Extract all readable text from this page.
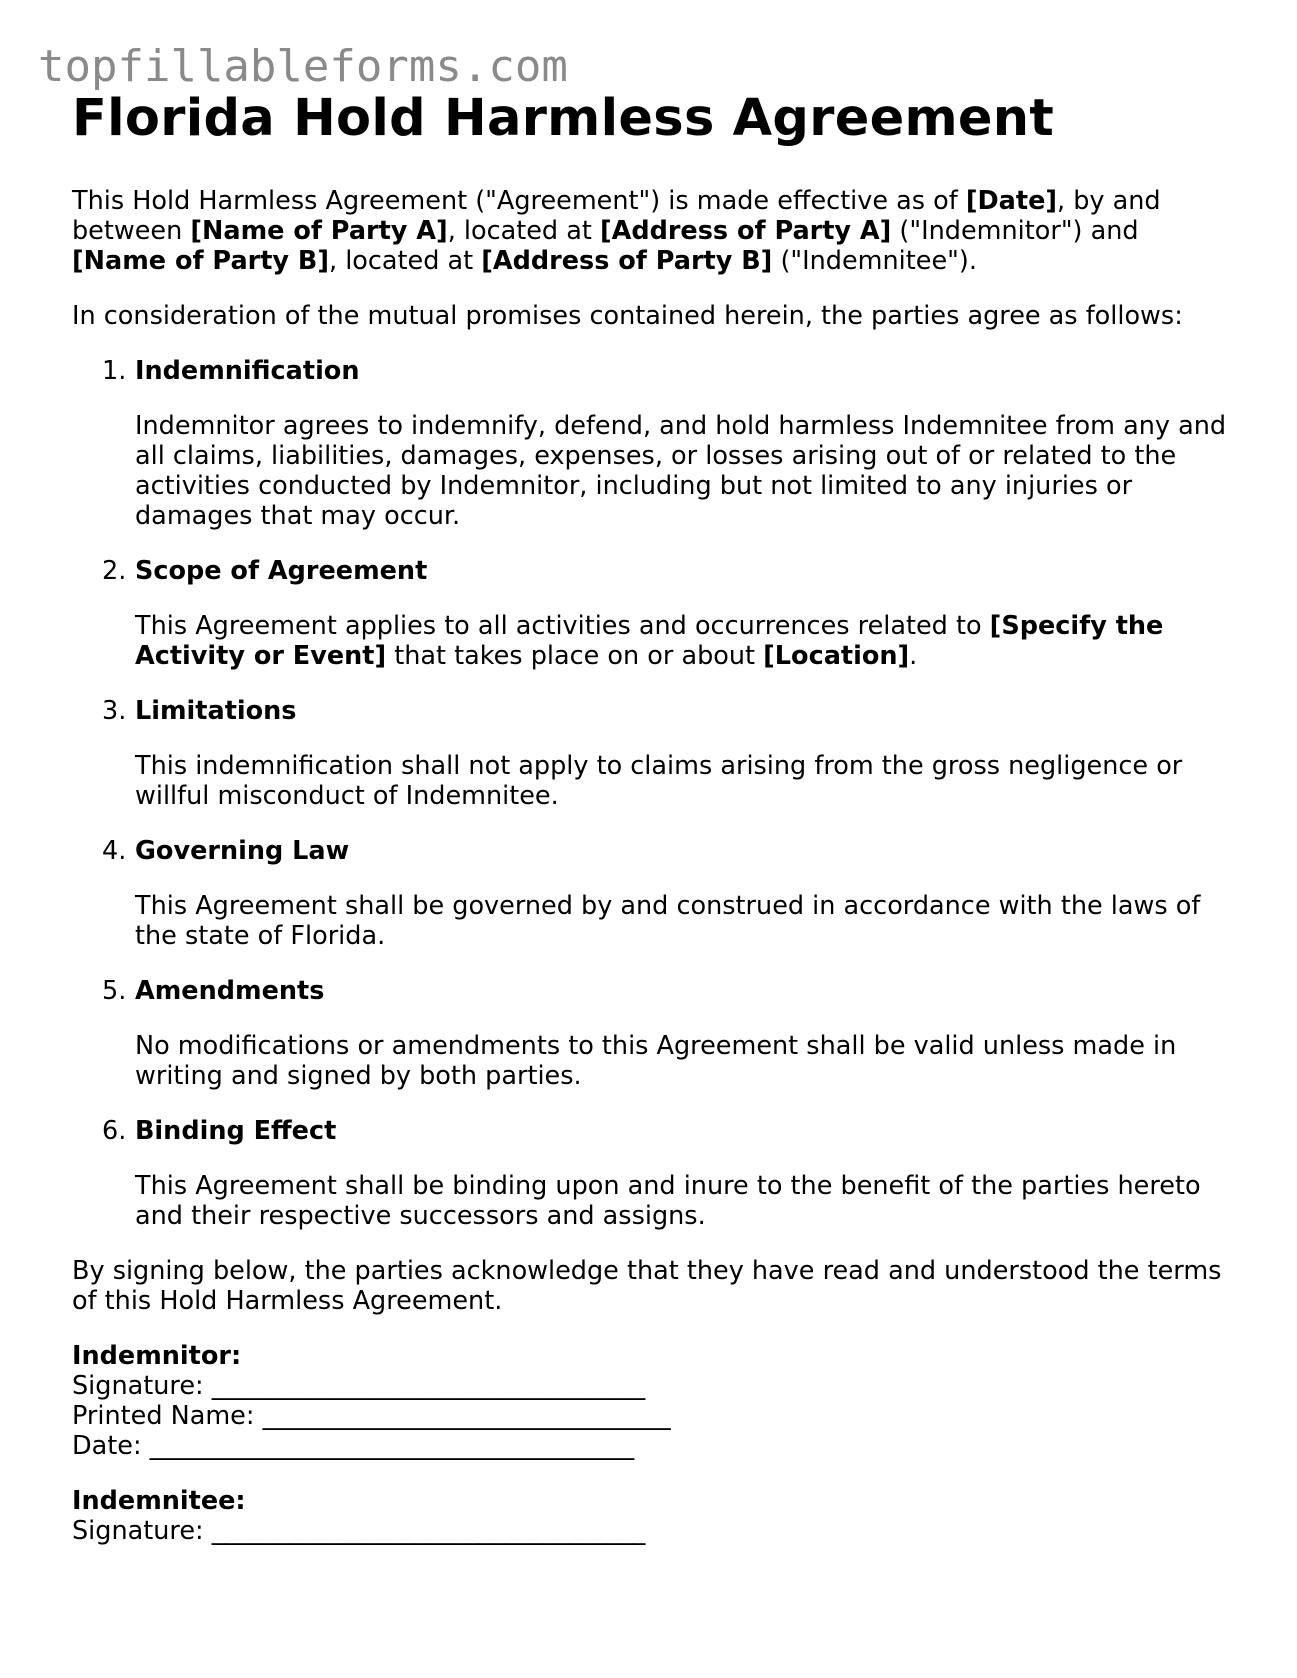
topfillableforms.com
Florida Hold Harmless Agreement

This Hold Harmless Agreement ("Agreement") is made effective as of [Date], by and between [Name of Party A], located at [Address of Party A] ("Indemnitor") and [Name of Party B], located at [Address of Party B] ("Indemnitee").

In consideration of the mutual promises contained herein, the parties agree as follows:

1. Indemnification
Indemnitor agrees to indemnify, defend, and hold harmless Indemnitee from any and all claims, liabilities, damages, expenses, or losses arising out of or related to the activities conducted by Indemnitor, including but not limited to any injuries or damages that may occur.
2. Scope of Agreement
This Agreement applies to all activities and occurrences related to [Specify the Activity or Event] that takes place on or about [Location].
3. Limitations
This indemnification shall not apply to claims arising from the gross negligence or willful misconduct of Indemnitee.
4. Governing Law
This Agreement shall be governed by and construed in accordance with the laws of the state of Florida.
5. Amendments
No modifications or amendments to this Agreement shall be valid unless made in writing and signed by both parties.
6. Binding Effect
This Agreement shall be binding upon and inure to the benefit of the parties hereto and their respective successors and assigns.

By signing below, the parties acknowledge that they have read and understood the terms of this Hold Harmless Agreement.

Indemnitor:
Signature: __________________________________
Printed Name: ________________________________
Date: ______________________________________
Indemnitee:
Signature: __________________________________
